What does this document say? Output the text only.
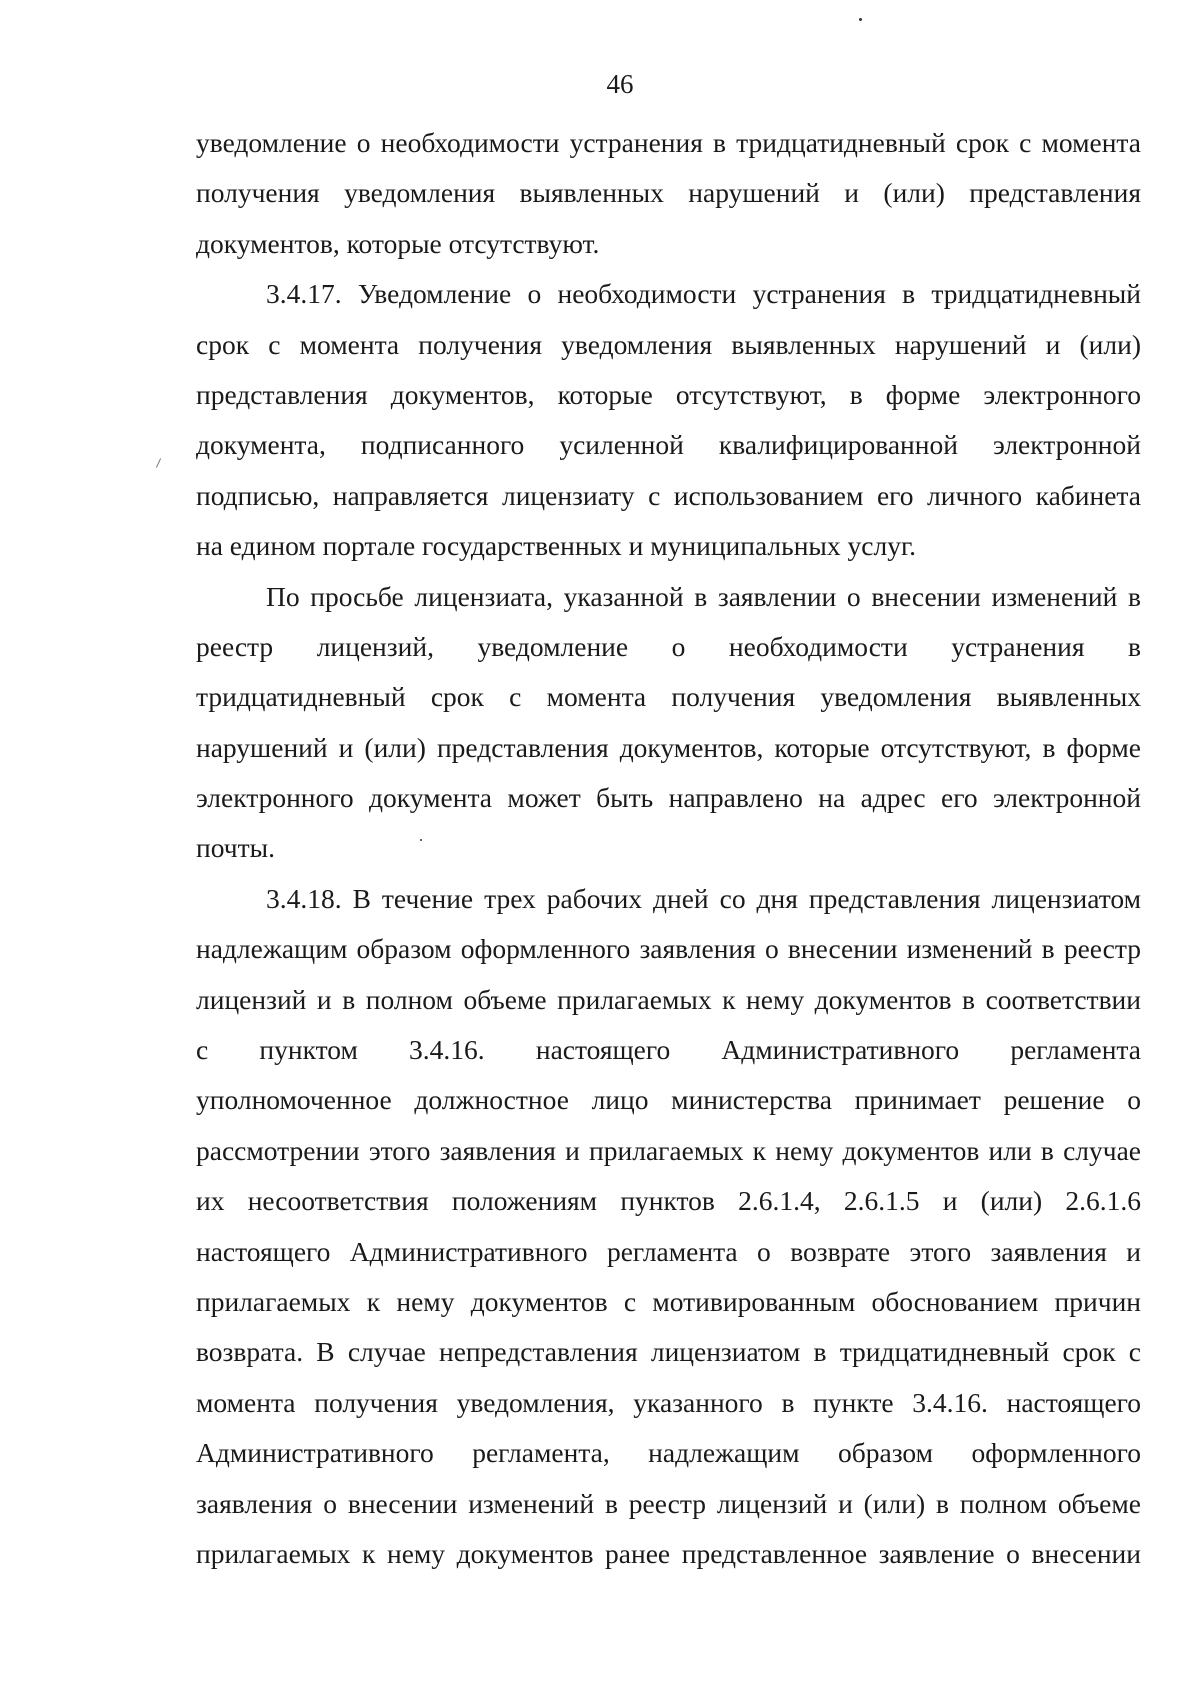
46
уведомление о необходимости устранения в тридцатидневный срок с момента
получения уведомления выявленных нарушений и (или) представления
документов, которые отсутствуют.
3.4.17. Уведомление о необходимости устранения в тридцатидневный
срок с момента получения уведомления выявленных нарушений и (или)
представления документов, которые отсутствуют, в форме электронного
документа, подписанного усиленной квалифицированной электронной
подписью, направляется лицензиату с использованием его личного кабинета
на едином портале государственных и муниципальных услуг.
По просьбе лицензиата, указанной в заявлении о внесении изменений в
реестр лицензий, уведомление о необходимости устранения в
тридцатидневный срок с момента получения уведомления выявленных
нарушений и (или) представления документов, которые отсутствуют, в форме
электронного документа может быть направлено на адрес его электронной
почты.
3.4.18. В течение трех рабочих дней со дня представления лицензиатом
надлежащим образом оформленного заявления о внесении изменений в реестр
лицензий и в полном объеме прилагаемых к нему документов в соответствии
с пунктом 3.4.16. настоящего Административного регламента
уполномоченное должностное лицо министерства принимает решение о
рассмотрении этого заявления и прилагаемых к нему документов или в случае
их несоответствия положениям пунктов 2.6.1.4, 2.6.1.5 и (или) 2.6.1.6
настоящего Административного регламента о возврате этого заявления и
прилагаемых к нему документов с мотивированным обоснованием причин
возврата. В случае непредставления лицензиатом в тридцатидневный срок с
момента получения уведомления, указанного в пункте 3.4.16. настоящего
Административного регламента, надлежащим образом оформленного
заявления о внесении изменений в реестр лицензий и (или) в полном объеме
прилагаемых к нему документов ранее представленное заявление о внесении
